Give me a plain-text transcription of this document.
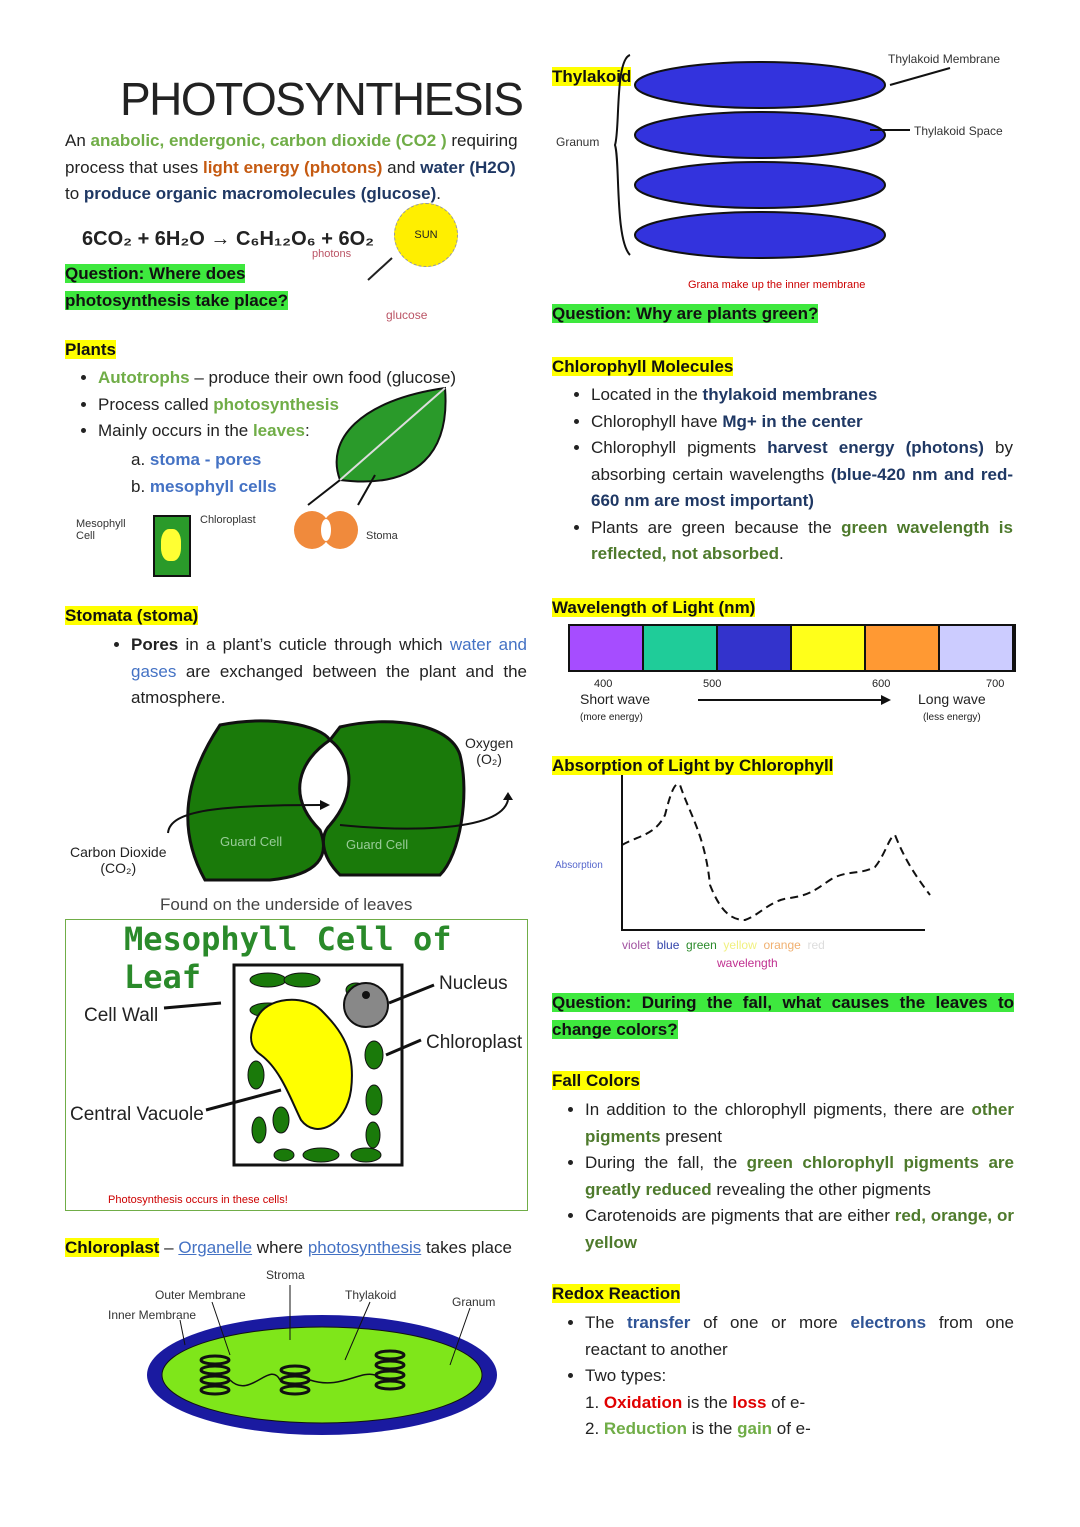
PHOTOSYNTHESIS
An anabolic, endergonic, carbon dioxide (CO2 ) requiring process that uses light energy (photons) and water (H2O) to produce organic macromolecules (glucose).
6CO₂ + 6H₂O → C₆H₁₂O₆ + 6O₂
photons
SUN
glucose
Question: Where does
photosynthesis take place?
Plants
• Autotrophs – produce their own food (glucose)
• Process called photosynthesis
• Mainly occurs in the leaves:
a. stoma - pores
b. mesophyll cells
Mesophyll Cell
Chloroplast
Stoma
Stomata (stoma)
• Pores in a plant’s cuticle through which water and gases are exchanged between the plant and the atmosphere.
Guard Cell	Guard Cell
Oxygen
(O₂)
Carbon Dioxide
(CO₂)
Found on the underside of leaves
Mesophyll Cell of Leaf	Nucleus
Cell Wall
Chloroplast
Central Vacuole
Photosynthesis occurs in these cells!
Chloroplast – Organelle where photosynthesis takes place
Stroma
Outer Membrane
Inner Membrane
Thylakoid	Granum
Thylakoid
Thylakoid Membrane
Thylakoid Space
Granum
Grana make up the inner membrane
Question: Why are plants green?
Chlorophyll Molecules
• Located in the thylakoid membranes
• Chlorophyll have Mg+ in the center
• Chlorophyll pigments harvest energy (photons) by absorbing certain wavelengths (blue-420 nm and red-660 nm are most important)
• Plants are green because the green wavelength is reflected, not absorbed.
Wavelength of Light (nm)
400	500	600	700
Short wave
(more energy)
Long wave
(less energy)
Absorption of Light by Chlorophyll
Absorption
violet blue green yellow orange red
wavelength
Question: During the fall, what causes the leaves to change colors?
Fall Colors
• In addition to the chlorophyll pigments, there are other pigments present
• During the fall, the green chlorophyll pigments are greatly reduced revealing the other pigments
• Carotenoids are pigments that are either red, orange, or yellow
Redox Reaction
• The transfer of one or more electrons from one reactant to another
• Two types:
1. Oxidation is the loss of e-
2. Reduction is the gain of e-
